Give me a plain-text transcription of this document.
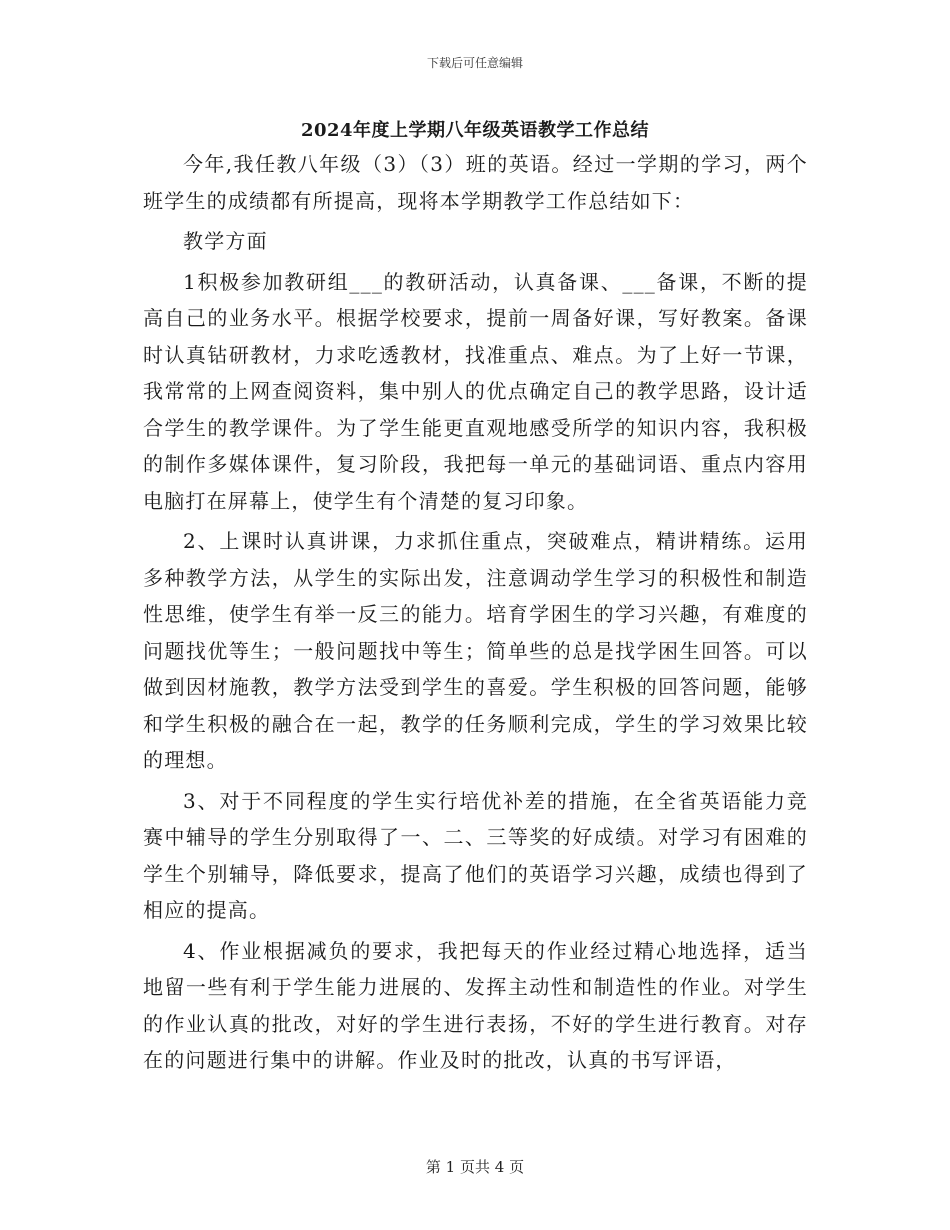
下载后可任意编辑
2024年度上学期八年级英语教学工作总结

今年,我任教八年级（3）（3）班的英语。经过一学期的学习，两个班学生的成绩都有所提高，现将本学期教学工作总结如下：

教学方面

1积极参加教研组___的教研活动，认真备课、___备课，不断的提高自己的业务水平。根据学校要求，提前一周备好课，写好教案。备课时认真钻研教材，力求吃透教材，找准重点、难点。为了上好一节课，我常常的上网查阅资料，集中别人的优点确定自己的教学思路，设计适合学生的教学课件。为了学生能更直观地感受所学的知识内容，我积极的制作多媒体课件，复习阶段，我把每一单元的基础词语、重点内容用电脑打在屏幕上，使学生有个清楚的复习印象。

2、上课时认真讲课，力求抓住重点，突破难点，精讲精练。运用多种教学方法，从学生的实际出发，注意调动学生学习的积极性和制造性思维，使学生有举一反三的能力。培育学困生的学习兴趣，有难度的问题找优等生；一般问题找中等生；简单些的总是找学困生回答。可以做到因材施教，教学方法受到学生的喜爱。学生积极的回答问题，能够和学生积极的融合在一起，教学的任务顺利完成，学生的学习效果比较的理想。

3、对于不同程度的学生实行培优补差的措施，在全省英语能力竞赛中辅导的学生分别取得了一、二、三等奖的好成绩。对学习有困难的学生个别辅导，降低要求，提高了他们的英语学习兴趣，成绩也得到了相应的提高。

4、作业根据减负的要求，我把每天的作业经过精心地选择，适当地留一些有利于学生能力进展的、发挥主动性和制造性的作业。对学生的作业认真的批改，对好的学生进行表扬，不好的学生进行教育。对存在的问题进行集中的讲解。作业及时的批改，认真的书写评语，

第 1 页共 4 页
